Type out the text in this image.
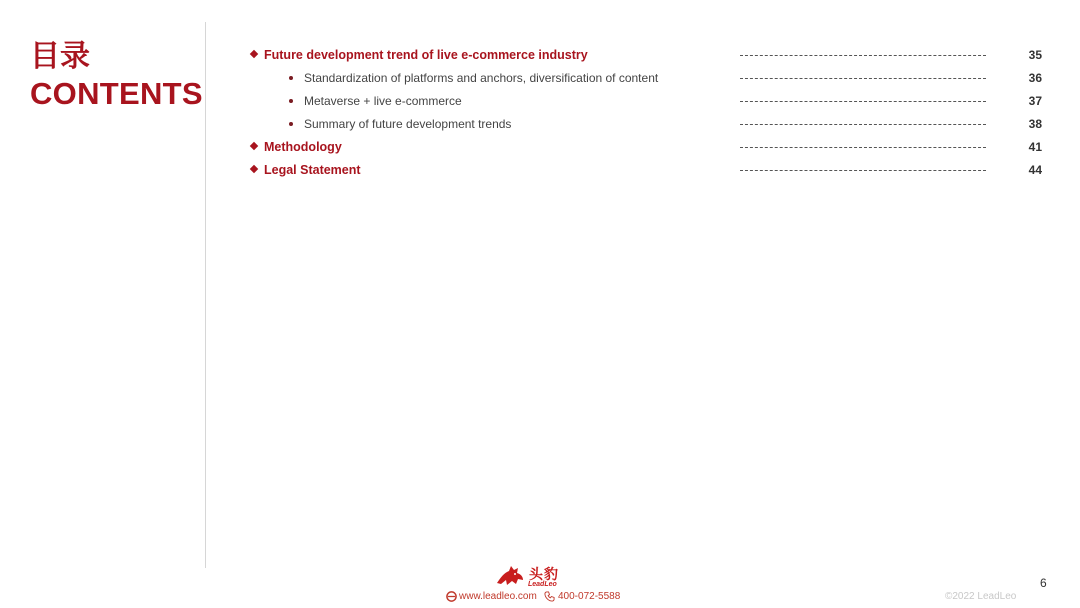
目录
CONTENTS
Future development trend of live e-commerce industry	35
Standardization of platforms and anchors, diversification of content	36
Metaverse + live e-commerce	37
Summary of future development trends	38
Methodology	41
Legal Statement	44
头豹
LeadLeo
www.leadleo.com 400-072-5588	©2022 LeadLeo
6
